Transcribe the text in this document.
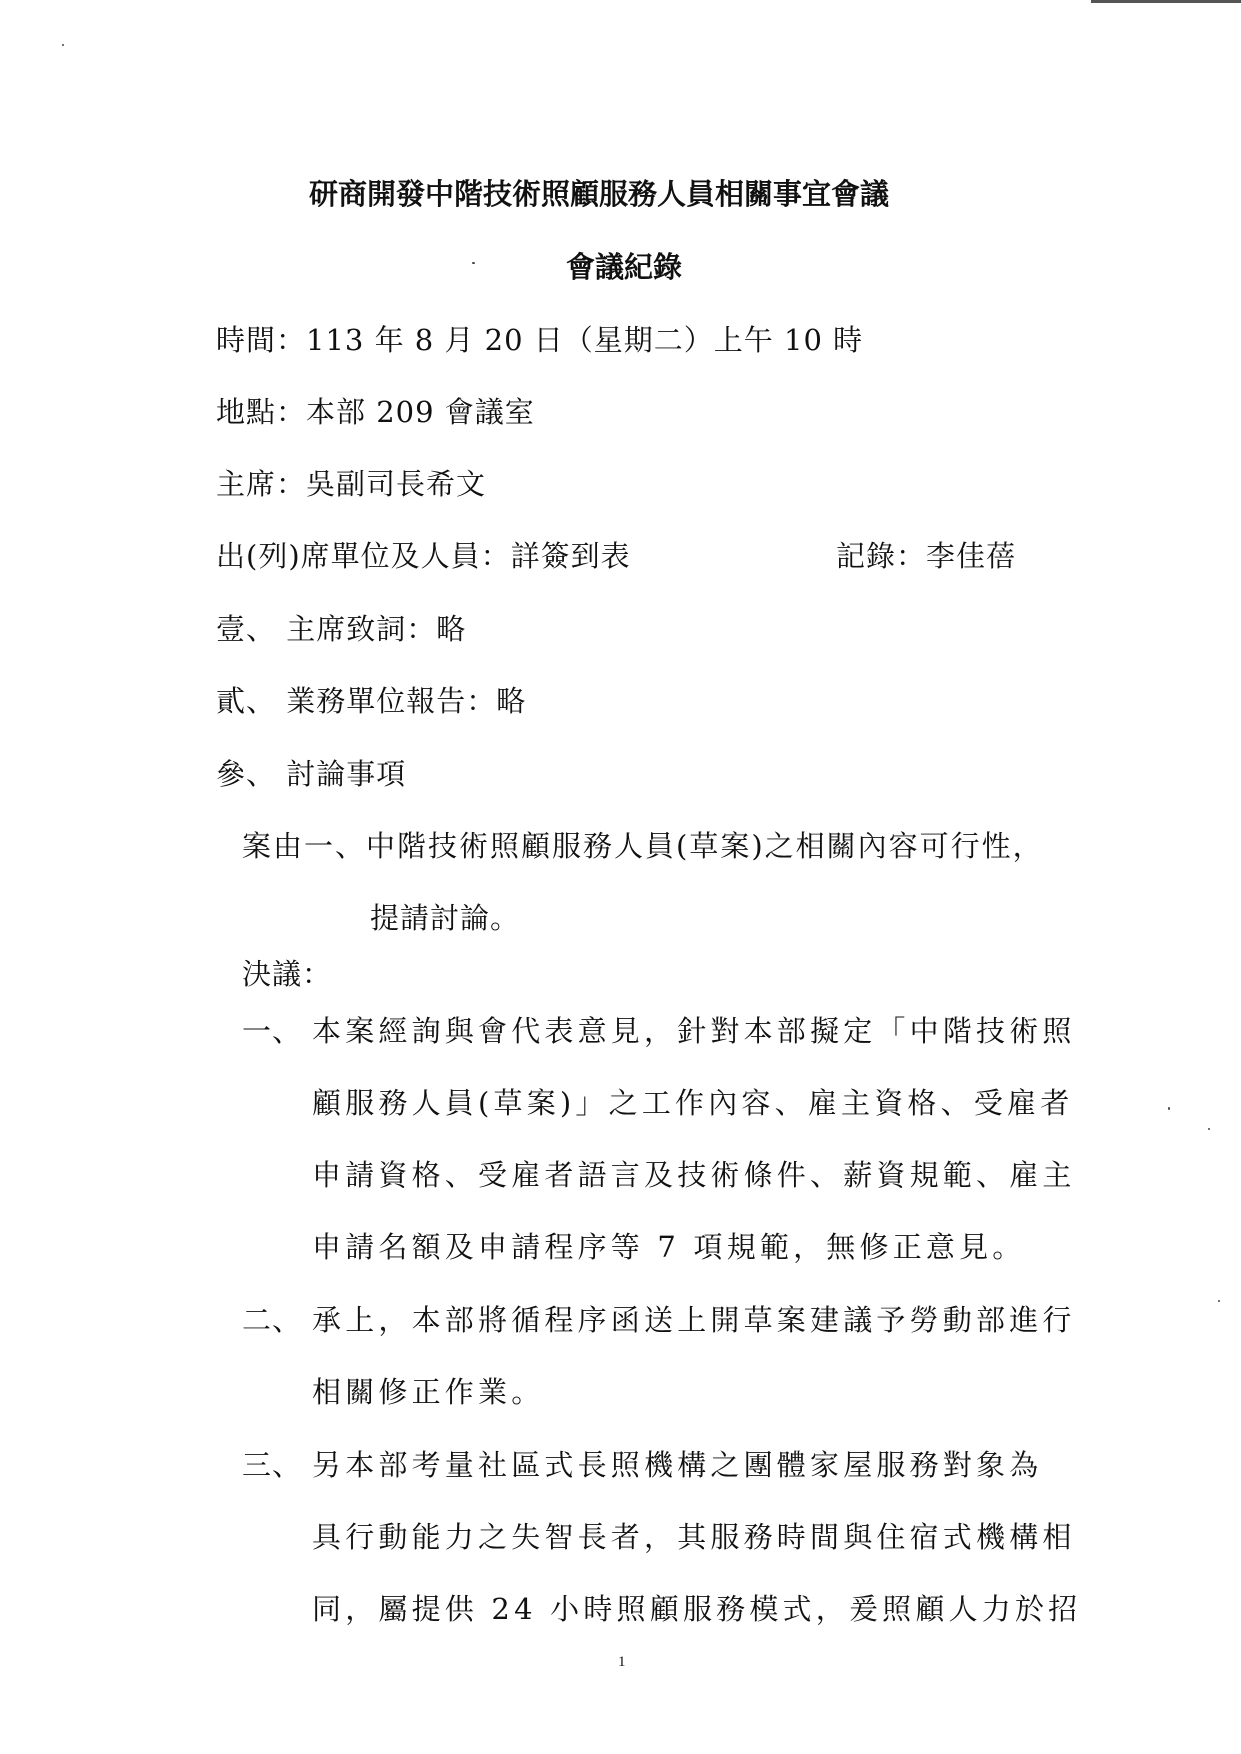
研商開發中階技術照顧服務人員相關事宜會議
會議紀錄
時間：113 年 8 月 20 日（星期二）上午 10 時
地點：本部 209 會議室
主席：吳副司長希文
出(列)席單位及人員：詳簽到表	記錄：李佳蓓
壹、 主席致詞：略
貳、 業務單位報告：略
參、 討論事項
案由一、中階技術照顧服務人員(草案)之相關內容可行性，
提請討論。
決議：
一、 本案經詢與會代表意見，針對本部擬定「中階技術照
顧服務人員(草案)」之工作內容、雇主資格、受雇者
申請資格、受雇者語言及技術條件、薪資規範、雇主
申請名額及申請程序等 7 項規範，無修正意見。
二、 承上，本部將循程序函送上開草案建議予勞動部進行
相關修正作業。
三、 另本部考量社區式長照機構之團體家屋服務對象為
具行動能力之失智長者，其服務時間與住宿式機構相
同，屬提供 24 小時照顧服務模式，爰照顧人力於招
1
